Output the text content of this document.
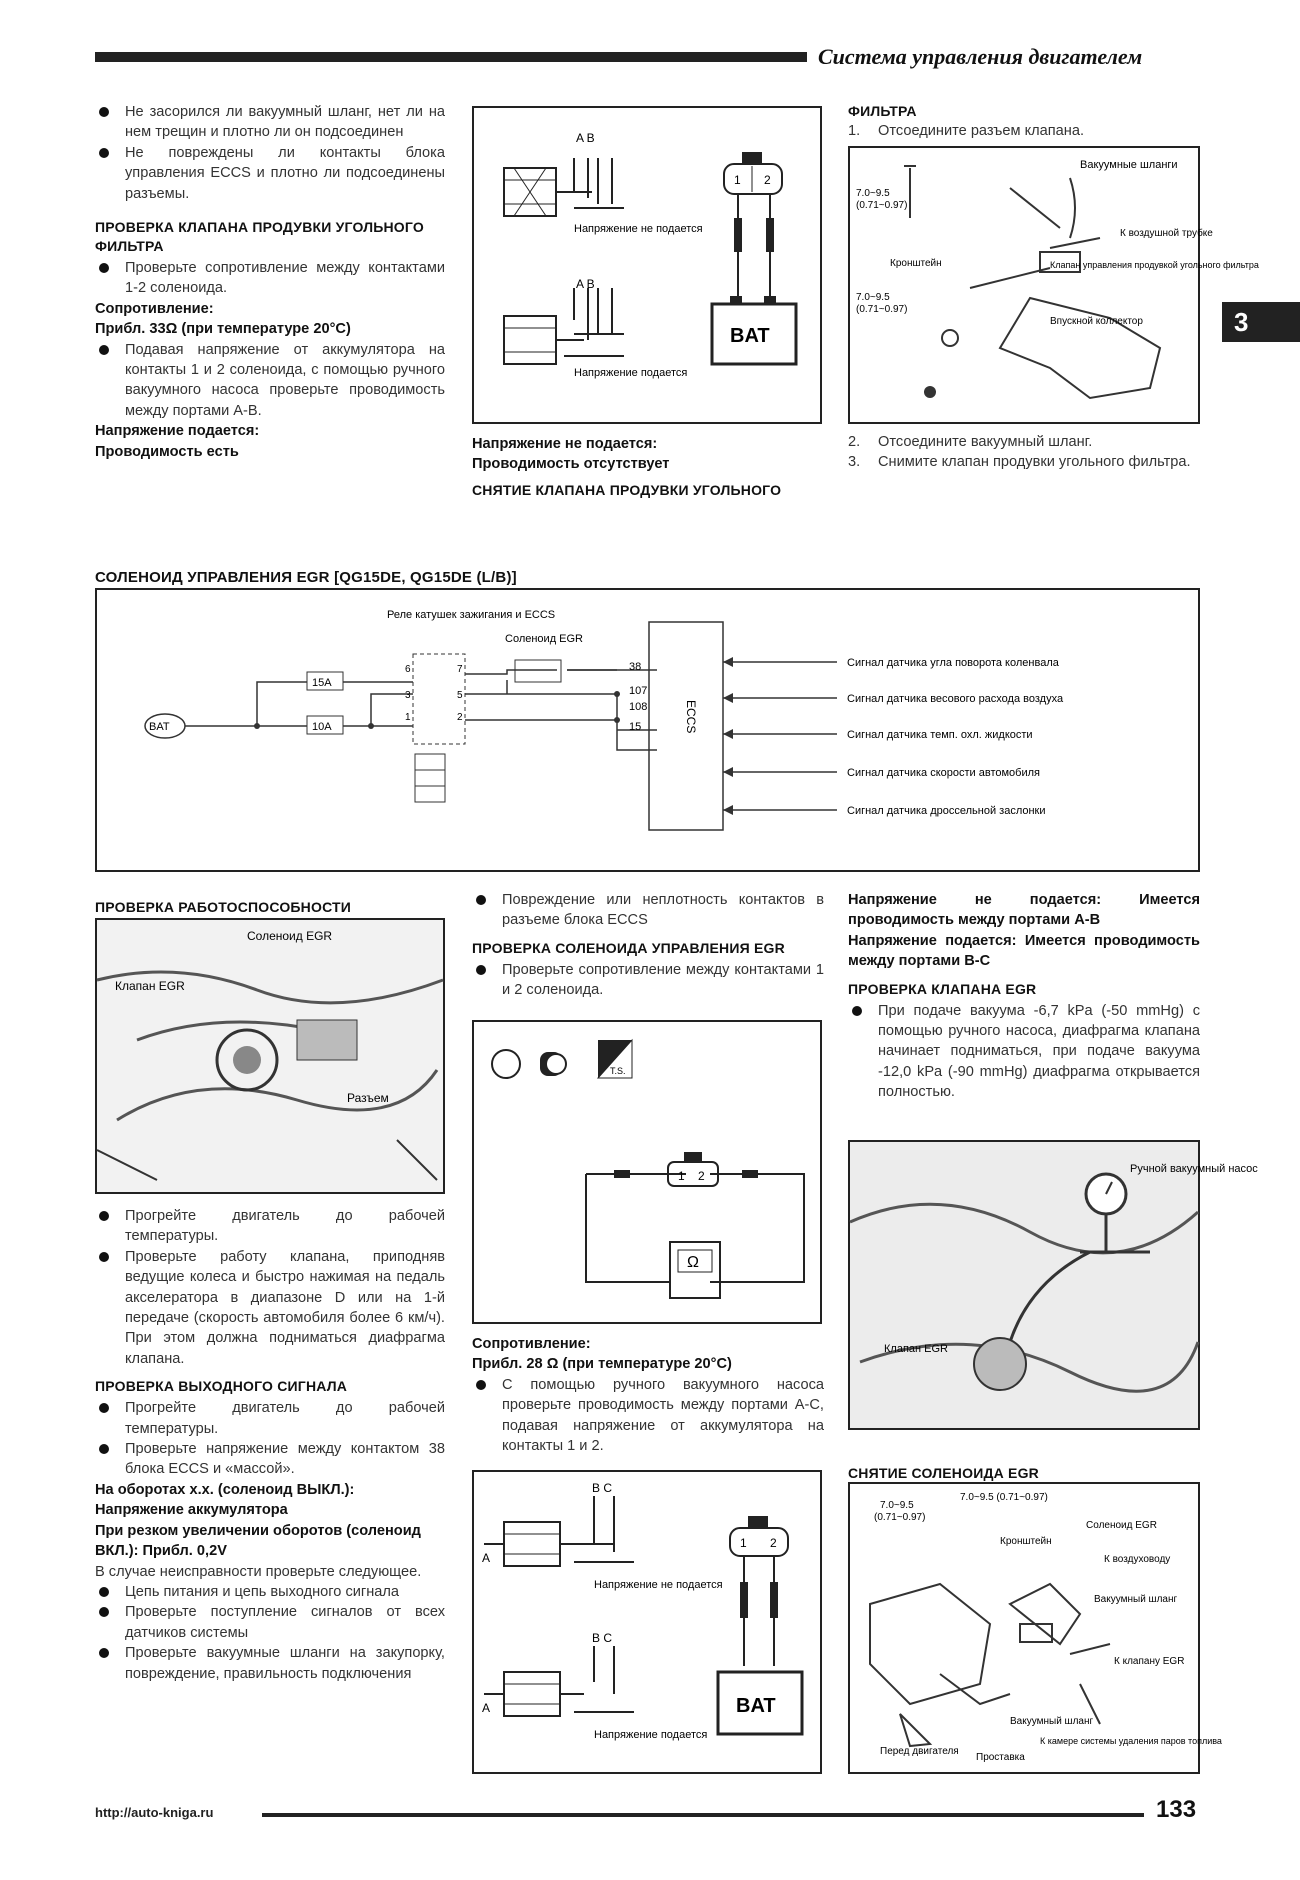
Система управления двигателем
3
Не засорился ли вакуумный шланг, нет ли на нем трещин и плотно ли он подсоединен
Не повреждены ли контакты блока управления ECCS и плотно ли подсоединены разъемы.
ПРОВЕРКА КЛАПАНА ПРОДУВКИ УГОЛЬНОГО ФИЛЬТРА
Проверьте сопротивление между контактами 1-2 соленоида.
Сопротивление:
Прибл. 33Ω (при температуре 20°С)
Подавая напряжение от аккумулятора на контакты 1 и 2 соленоида, с помощью ручного вакуумного насоса проверьте проводимость между портами А-В.
Напряжение подается:
Проводимость есть
A B
Напряжение не подается
A B
Напряжение подается
1 2
BAT
Напряжение не подается:
Проводимость отсутствует
СНЯТИЕ КЛАПАНА ПРОДУВКИ УГОЛЬНОГО
ФИЛЬТРА
1. Отсоедините разъем клапана.
Вакуумные шланги
К воздушной трубке
7.0~9.5
(0.71~0.97)
Кронштейн	Клапан управления продувкой угольного фильтра
7.0~9.5
(0.71~0.97)
Впускной коллектор
2. Отсоедините вакуумный шланг.
3. Снимите клапан продувки угольного фильтра.
СОЛЕНОИД УПРАВЛЕНИЯ EGR [QG15DE, QG15DE (L/B)]
BAT
15A
10A
Реле катушек зажигания и ECCS
6	7
3	5
1	2
Соленоид EGR
ECCS
38
107
108
15
Сигнал датчика угла поворота коленвала
Сигнал датчика весового расхода воздуха
Сигнал датчика темп. охл. жидкости
Сигнал датчика скорости автомобиля
Сигнал датчика дроссельной заслонки
ПРОВЕРКА РАБОТОСПОСОБНОСТИ
Соленоид EGR
Клапан EGR
Разъем
Прогрейте двигатель до рабочей температуры.
Проверьте работу клапана, приподняв ведущие колеса и быстро нажимая на педаль акселератора в диапазоне D или на 1-й передаче (скорость автомобиля более 6 км/ч). При этом должна подниматься диафрагма клапана.
ПРОВЕРКА ВЫХОДНОГО СИГНАЛА
Прогрейте двигатель до рабочей температуры.
Проверьте напряжение между контактом 38 блока ECCS и «массой».
На оборотах х.х. (соленоид ВЫКЛ.): Напряжение аккумулятора
При резком увеличении оборотов (соленоид ВКЛ.): Прибл. 0,2V
В случае неисправности проверьте следующее.
Цепь питания и цепь выходного сигнала
Проверьте поступление сигналов от всех датчиков системы
Проверьте вакуумные шланги на закупорку, повреждение, правильность подключения
Повреждение или неплотность контактов в разъеме блока ECCS
ПРОВЕРКА СОЛЕНОИДА УПРАВЛЕНИЯ EGR
Проверьте сопротивление между контактами 1 и 2 соленоида.
T.S.
1 2
Ω
Сопротивление:
Прибл. 28 Ω (при температуре 20°С)
С помощью ручного вакуумного насоса проверьте проводимость между портами А-С, подавая напряжение от аккумулятора на контакты 1 и 2.
B C
A
Напряжение не подается
B C
A
Напряжение подается
1 2
BAT
Напряжение не подается: Имеется проводимость между портами А-В
Напряжение подается: Имеется проводимость между портами В-С
ПРОВЕРКА КЛАПАНА EGR
При подаче вакуума -6,7 kPa (-50 mmHg) с помощью ручного насоса, диафрагма клапана начинает подниматься, при подаче вакуума -12,0 kPa (-90 mmHg) диафрагма открывается полностью.
Ручной вакуумный насос
Клапан EGR
СНЯТИЕ СОЛЕНОИДА EGR
7.0~9.5
(0.71~0.97)
7.0~9.5 (0.71~0.97)
Кронштейн
Соленоид EGR
К воздуховоду
Вакуумный шланг
К клапану EGR
Перед двигателя
Проставка
Вакуумный шланг
К камере системы удаления паров топлива
http://auto-kniga.ru	133
